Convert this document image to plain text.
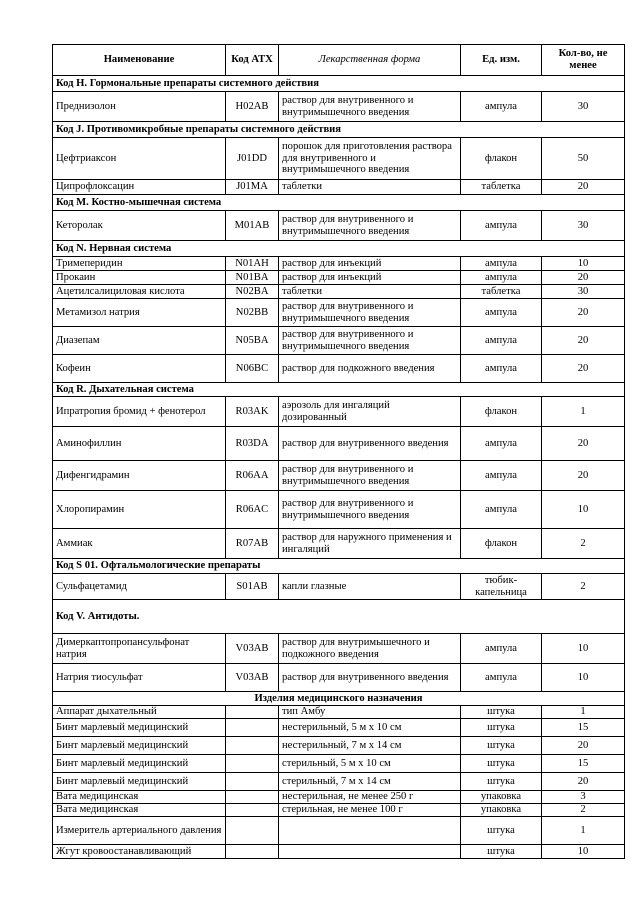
Наименование	Код АТХ	Лекарственная форма	Ед. изм.	Кол-во, не менее
Код H. Гормональные препараты системного действия				
Преднизолон	H02AB	раствор для внутривенного и внутримышечного введения	ампула	30
Код J. Противомикробные препараты системного действия				
Цефтриаксон	J01DD	порошок для приготовления раствора для внутривенного и внутримышечного введения	флакон	50
Ципрофлоксацин	J01MA	таблетки	таблетка	20
Код M. Костно-мышечная система				
Кеторолак	M01AB	раствор для внутривенного и внутримышечного введения	ампула	30
Код N. Нервная система				
Тримеперидин	N01AH	раствор для инъекций	ампула	10
Прокаин	N01BA	раствор для инъекций	ампула	20
Ацетилсалициловая кислота	N02BA	таблетки	таблетка	30
Метамизол натрия	N02BB	раствор для внутривенного и внутримышечного введения	ампула	20
Диазепам	N05BA	раствор для внутривенного и внутримышечного введения	ампула	20
Кофеин	N06BC	раствор для подкожного введения	ампула	20
Код R. Дыхательная система				
Ипратропия бромид + фенотерол	R03AK	аэрозоль для ингаляций дозированный	флакон	1
Аминофиллин	R03DA	раствор для внутривенного введения	ампула	20
Дифенгидрамин	R06AA	раствор для внутривенного и внутримышечного введения	ампула	20
Хлоропирамин	R06AC	раствор для внутривенного и внутримышечного введения	ампула	10
Аммиак	R07AB	раствор для наружного применения и ингаляций	флакон	2
Код S 01. Офтальмологические препараты				
Сульфацетамид	S01AB	капли глазные	тюбик-капельница	2
Код V. Антидоты.				
Димеркаптопропансульфонат натрия	V03AB	раствор для внутримышечного и подкожного введения	ампула	10
Натрия тиосульфат	V03AB	раствор для внутривенного введения	ампула	10
Изделия медицинского назначения				
Аппарат дыхательный		тип Амбу	штука	1
Бинт марлевый медицинский		нестерильный, 5 м х 10 см	штука	15
Бинт марлевый медицинский		нестерильный, 7 м х 14 см	штука	20
Бинт марлевый медицинский		стерильный, 5 м х 10 см	штука	15
Бинт марлевый медицинский		стерильный, 7 м х 14 см	штука	20
Вата медицинская		нестерильная, не менее 250 г	упаковка	3
Вата медицинская		стерильная, не менее 100 г	упаковка	2
Измеритель артериального давления			штука	1
Жгут кровоостанавливающий			штука	10
